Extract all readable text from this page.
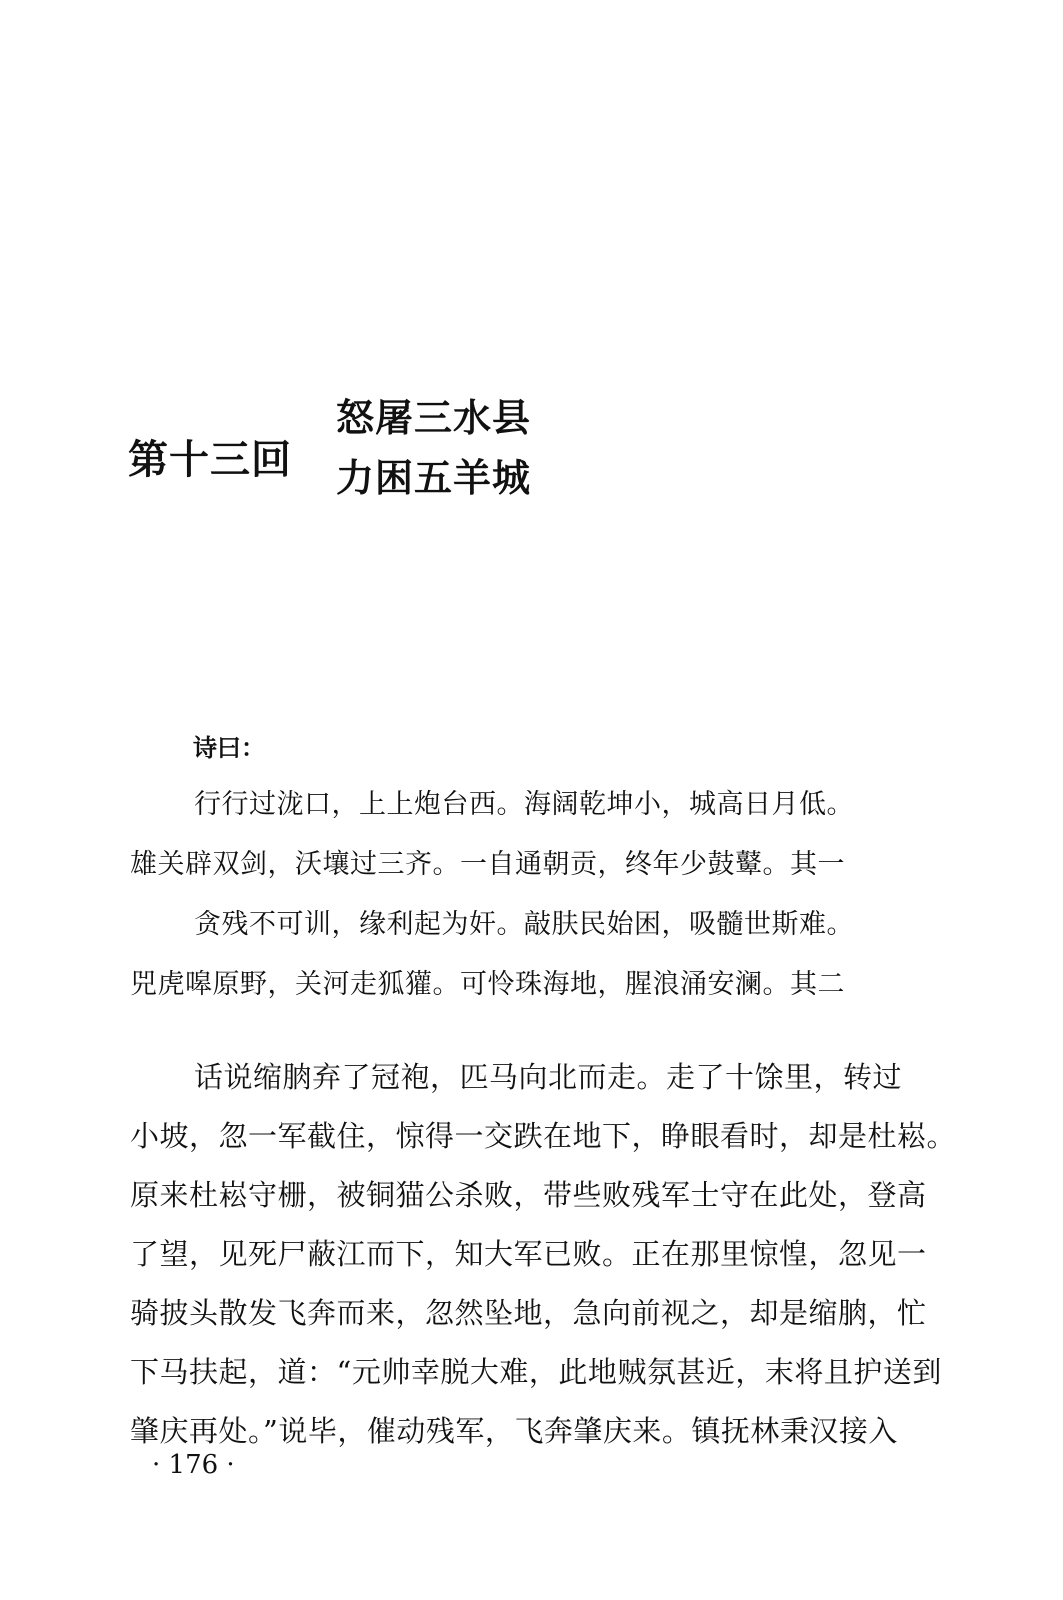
第十三回
怒屠三水县
力困五羊城
诗曰：
行行过泷口，上上炮台西。海阔乾坤小，城高日月低。
雄关辟双剑，沃壤过三齐。一自通朝贡，终年少鼓鼙。其一
贪残不可训，缘利起为奸。敲肤民始困，吸髓世斯难。
兕虎嗥原野，关河走狐獾。可怜珠海地，腥浪涌安澜。其二
话说缩朒弃了冠袍，匹马向北而走。走了十馀里，转过
小坡，忽一军截住，惊得一交跌在地下，睁眼看时，却是杜崧。
原来杜崧守栅，被铜猫公杀败，带些败残军士守在此处，登高
了望，见死尸蔽江而下，知大军已败。正在那里惊惶，忽见一
骑披头散发飞奔而来，忽然坠地，急向前视之，却是缩朒，忙
下马扶起，道：“元帅幸脱大难，此地贼氛甚近，末将且护送到
肇庆再处。”说毕，催动残军，飞奔肇庆来。镇抚林秉汉接入
· 176 ·
